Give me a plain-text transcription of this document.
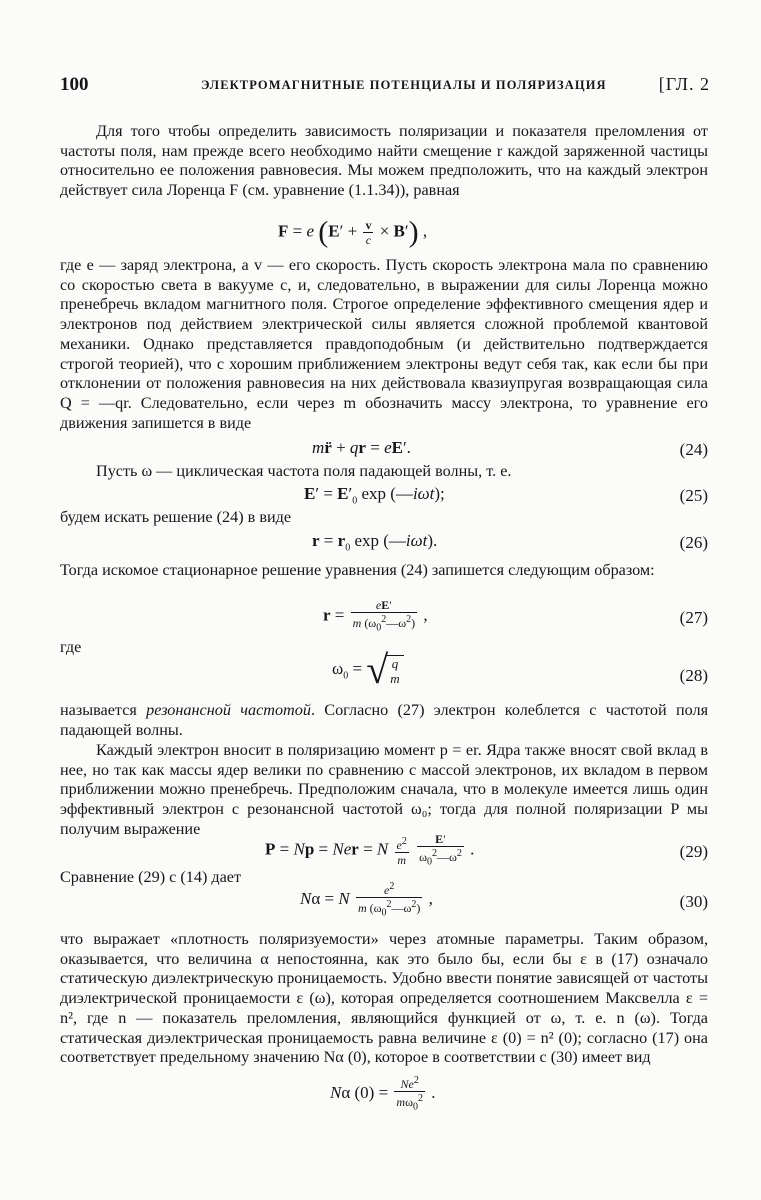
100	ЭЛЕКТРОМАГНИТНЫЕ ПОТЕНЦИАЛЫ И ПОЛЯРИЗАЦИЯ	[ГЛ. 2

Для того чтобы определить зависимость поляризации и показателя преломления от частоты поля, нам прежде всего необходимо найти смещение r каждой заряженной частицы относительно ее положения равновесия. Мы можем предположить, что на каждый электрон действует сила Лоренца F (см. уравнение (1.1.34)), равная

F = e $(E' + \frac{v}{c} \times B')$ ,

где e — заряд электрона, а v — его скорость. Пусть скорость электрона мала по сравнению со скоростью света в вакууме c, и, следовательно, в выражении для силы Лоренца можно пренебречь вкладом магнитного поля. Строгое определение эффективного смещения ядер и электронов под действием электрической силы является сложной проблемой квантовой механики. Однако представляется правдоподобным (и действительно подтверждается строгой теорией), что с хорошим приближением электроны ведут себя так, как если бы при отклонении от положения равновесия на них действовала квазиупругая возвращающая сила Q = —qr. Следовательно, если через m обозначить массу электрона, то уравнение его движения запишется в виде

mr̈ + qr = eE′.	(24)

Пусть ω — циклическая частота поля падающей волны, т. е.

$E' = E'_0$ exp (—iωt);	(25)

будем искать решение (24) в виде

$r = r_0$ exp (—iωt).	(26)

Тогда искомое стационарное решение уравнения (24) запишется следующим образом:

$r = \frac{eE'}{m (\omega_0^2—\omega^2)}$ ,	(27)

где

$\omega_0$ = √ q
m	(28)

называется резонансной частотой. Согласно (27) электрон колеблется с частотой поля падающей волны.

Каждый электрон вносит в поляризацию момент p = er. Ядра также вносят свой вклад в нее, но так как массы ядер велики по сравнению с массой электронов, их вкладом в первом приближении можно пренебречь. Предположим сначала, что в молекуле имеется лишь один эффективный электрон с резонансной частотой ω₀; тогда для полной поляризации P мы получим выражение

P = Np = Ner = N $\frac{e^2}{m}$
$\frac{E'}{\omega_0^2—\omega^2}$ .	(29)

Сравнение (29) с (14) дает

Nα = N $\frac{e^2}{m (\omega_0^2—\omega^2)}$ ,	(30)

что выражает «плотность поляризуемости» через атомные параметры. Таким образом, оказывается, что величина α непостоянна, как это было бы, если бы ε в (17) означало статическую диэлектрическую проницаемость. Удобно ввести понятие зависящей от частоты диэлектрической проницаемости ε (ω), которая определяется соотношением Максвелла ε = n², где n — показатель преломления, являющийся функцией от ω, т. е. n (ω). Тогда статическая диэлектрическая проницаемость равна величине ε (0) = n² (0); согласно (17) она соответствует предельному значению Nα (0), которое в соответствии с (30) имеет вид

Nα $(0) = \frac{Ne^2}{m\omega_0^2}$ .
